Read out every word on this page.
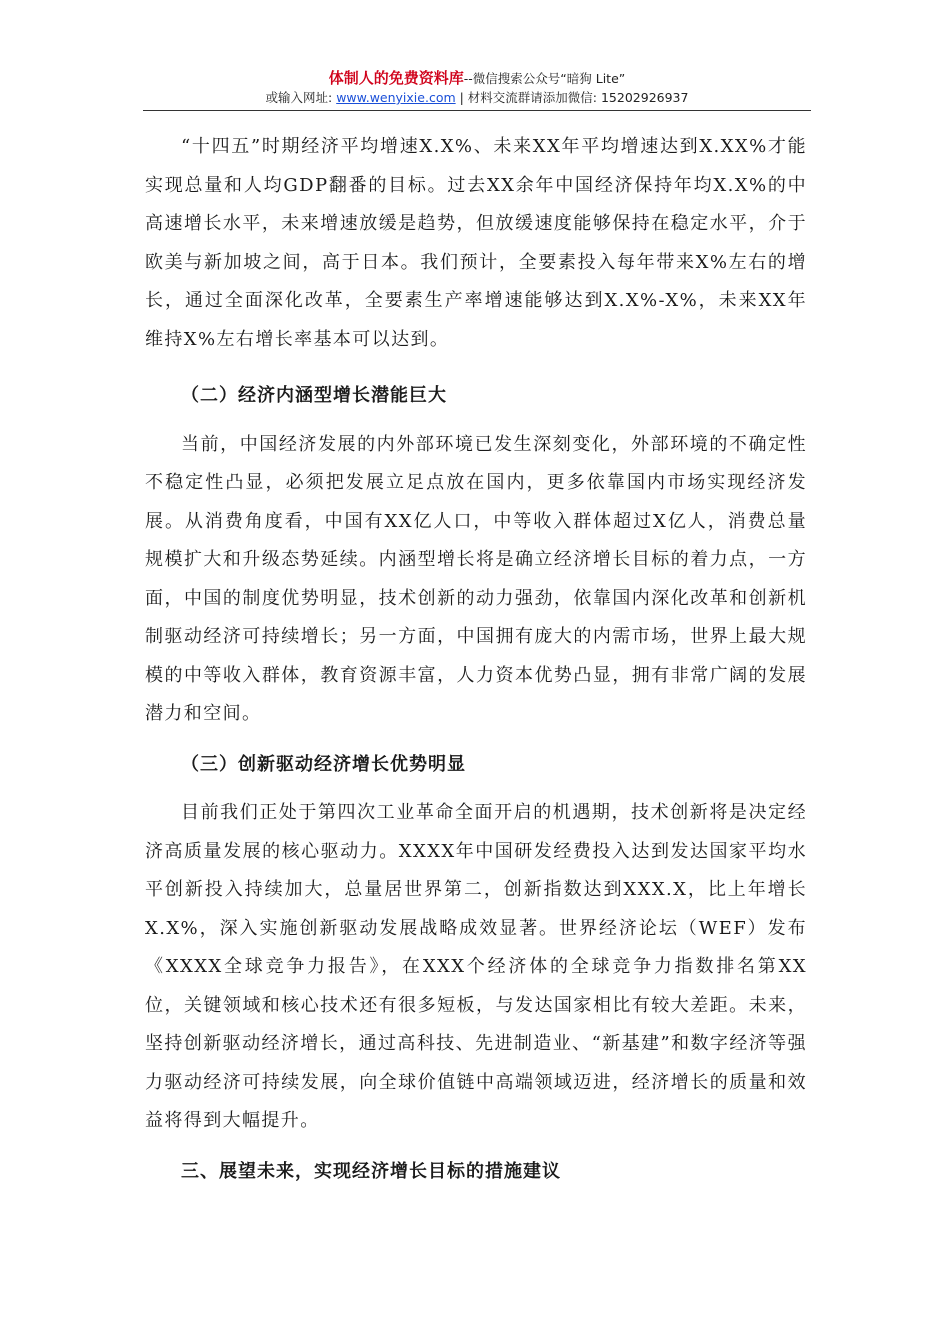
体制人的免费资料库--微信搜索公众号“暗狗 Lite”
或输入网址: www.wenyixie.com | 材料交流群请添加微信: 15202926937

“十四五”时期经济平均增速X.X%、未来XX年平均增速达到X.XX%才能实现总量和人均GDP翻番的目标。过去XX余年中国经济保持年均X.X%的中高速增长水平，未来增速放缓是趋势，但放缓速度能够保持在稳定水平，介于欧美与新加坡之间，高于日本。我们预计，全要素投入每年带来X%左右的增长，通过全面深化改革，全要素生产率增速能够达到X.X%-X%，未来XX年维持X%左右增长率基本可以达到。

（二）经济内涵型增长潜能巨大

当前，中国经济发展的内外部环境已发生深刻变化，外部环境的不确定性不稳定性凸显，必须把发展立足点放在国内，更多依靠国内市场实现经济发展。从消费角度看，中国有XX亿人口，中等收入群体超过X亿人，消费总量规模扩大和升级态势延续。内涵型增长将是确立经济增长目标的着力点，一方面，中国的制度优势明显，技术创新的动力强劲，依靠国内深化改革和创新机制驱动经济可持续增长；另一方面，中国拥有庞大的内需市场，世界上最大规模的中等收入群体，教育资源丰富，人力资本优势凸显，拥有非常广阔的发展潜力和空间。

（三）创新驱动经济增长优势明显

目前我们正处于第四次工业革命全面开启的机遇期，技术创新将是决定经济高质量发展的核心驱动力。XXXX年中国研发经费投入达到发达国家平均水平创新投入持续加大，总量居世界第二，创新指数达到XXX.X，比上年增长X.X%，深入实施创新驱动发展战略成效显著。世界经济论坛（WEF）发布《XXXX全球竞争力报告》，在XXX个经济体的全球竞争力指数排名第XX位，关键领域和核心技术还有很多短板，与发达国家相比有较大差距。未来，坚持创新驱动经济增长，通过高科技、先进制造业、“新基建”和数字经济等强力驱动经济可持续发展，向全球价值链中高端领域迈进，经济增长的质量和效益将得到大幅提升。

三、展望未来，实现经济增长目标的措施建议
